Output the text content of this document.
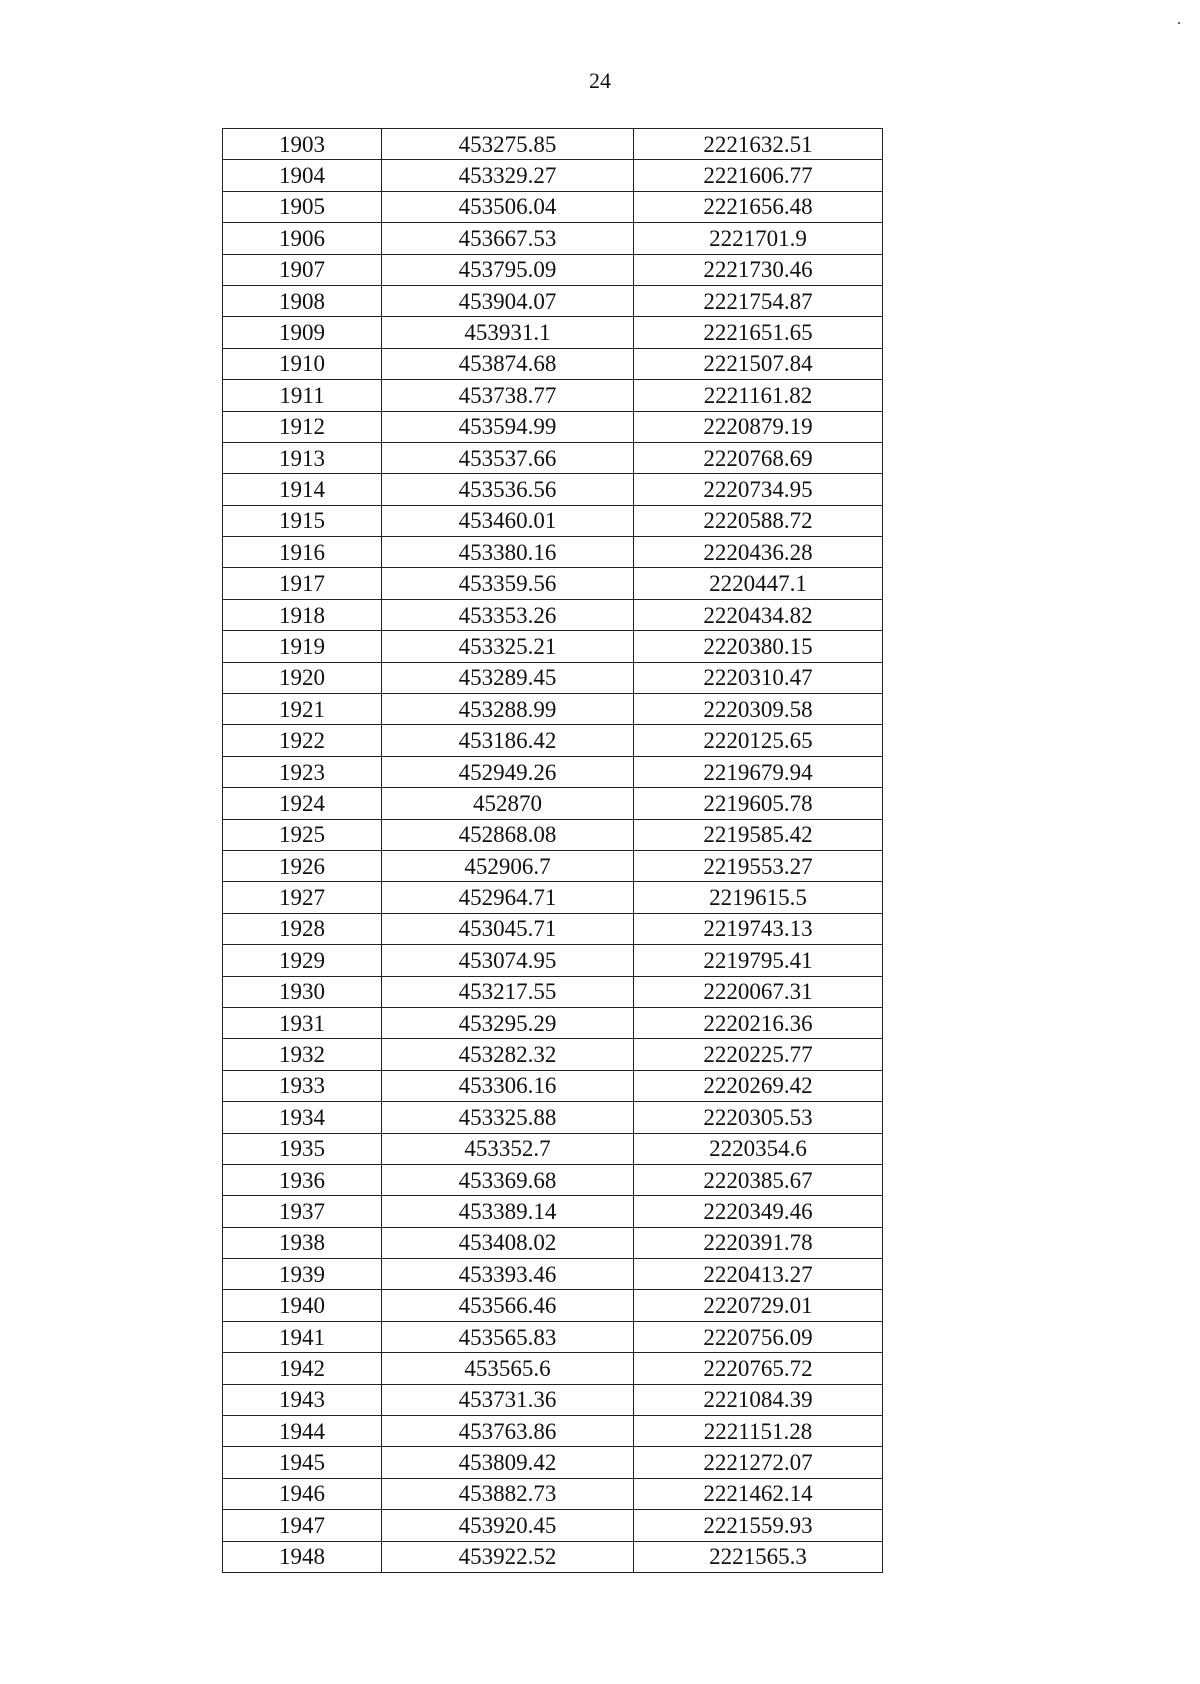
24
1903	453275.85	2221632.51
1904	453329.27	2221606.77
1905	453506.04	2221656.48
1906	453667.53	2221701.9
1907	453795.09	2221730.46
1908	453904.07	2221754.87
1909	453931.1	2221651.65
1910	453874.68	2221507.84
1911	453738.77	2221161.82
1912	453594.99	2220879.19
1913	453537.66	2220768.69
1914	453536.56	2220734.95
1915	453460.01	2220588.72
1916	453380.16	2220436.28
1917	453359.56	2220447.1
1918	453353.26	2220434.82
1919	453325.21	2220380.15
1920	453289.45	2220310.47
1921	453288.99	2220309.58
1922	453186.42	2220125.65
1923	452949.26	2219679.94
1924	452870	2219605.78
1925	452868.08	2219585.42
1926	452906.7	2219553.27
1927	452964.71	2219615.5
1928	453045.71	2219743.13
1929	453074.95	2219795.41
1930	453217.55	2220067.31
1931	453295.29	2220216.36
1932	453282.32	2220225.77
1933	453306.16	2220269.42
1934	453325.88	2220305.53
1935	453352.7	2220354.6
1936	453369.68	2220385.67
1937	453389.14	2220349.46
1938	453408.02	2220391.78
1939	453393.46	2220413.27
1940	453566.46	2220729.01
1941	453565.83	2220756.09
1942	453565.6	2220765.72
1943	453731.36	2221084.39
1944	453763.86	2221151.28
1945	453809.42	2221272.07
1946	453882.73	2221462.14
1947	453920.45	2221559.93
1948	453922.52	2221565.3
